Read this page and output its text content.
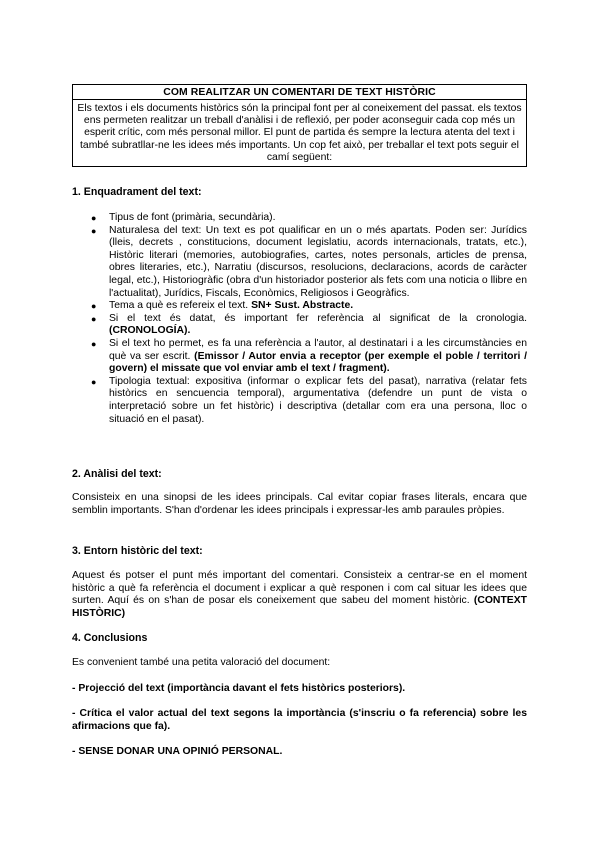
COM REALITZAR UN COMENTARI DE TEXT HISTÒRIC
Els textos i els documents històrics són la principal font per al coneixement del passat. els textos ens permeten realitzar un treball d'anàlisi i de reflexió, per poder aconseguir cada cop més un esperit crític, com més personal millor. El punt de partida és sempre la lectura atenta del text i també subratllar-ne les idees més importants. Un cop fet això, per treballar el text pots seguir el camí següent:
1. Enquadrament del text:
● Tipus de font (primària, secundària).
● Naturalesa del text: Un text es pot qualificar en un o més apartats. Poden ser: Jurídics (lleis, decrets , constitucions, document legislatiu, acords internacionals, tratats, etc.), Històric literari (memories, autobiografies, cartes, notes personals, articles de prensa, obres literaries, etc.), Narratiu (discursos, resolucions, declaracions, acords de caràcter legal, etc.), Historiogràfic (obra d'un historiador posterior als fets com una noticia o llibre en l'actualitat), Jurídics, Fiscals, Econòmics, Religiosos i Geogràfics.
● Tema a què es refereix el text. SN+ Sust. Abstracte.
● Si el text és datat, és important fer referència al significat de la cronologia. (CRONOLOGÍA).
● Si el text ho permet, es fa una referència a l'autor, al destinatari i a les circumstàncies en què va ser escrit. (Emissor / Autor envia a receptor (per exemple el poble / territori / govern) el missate que vol enviar amb el text / fragment).
● Tipologia textual: expositiva (informar o explicar fets del pasat), narrativa (relatar fets històrics en sencuencia temporal), argumentativa (defendre un punt de vista o interpretació sobre un fet històric) i descriptiva (detallar com era una persona, lloc o situació en el pasat).
2. Anàlisi del text:
Consisteix en una sinopsi de les idees principals. Cal evitar copiar frases literals, encara que semblin importants. S'han d'ordenar les idees principals i expressar-les amb paraules pròpies.
3. Entorn històric del text:
Aquest és potser el punt més important del comentari. Consisteix a centrar-se en el moment històric a què fa referència el document i explicar a què responen i com cal situar les idees que surten. Aquí és on s'han de posar els coneixement que sabeu del moment històric. (CONTEXT HISTÒRIC)
4. Conclusions
Es convenient també una petita valoració del document:
- Projecció del text (importància davant el fets històrics posteriors).
- Crítica el valor actual del text segons la importància (s'inscriu o fa referencia) sobre les afirmacions que fa).
- SENSE DONAR UNA OPINIÓ PERSONAL.
